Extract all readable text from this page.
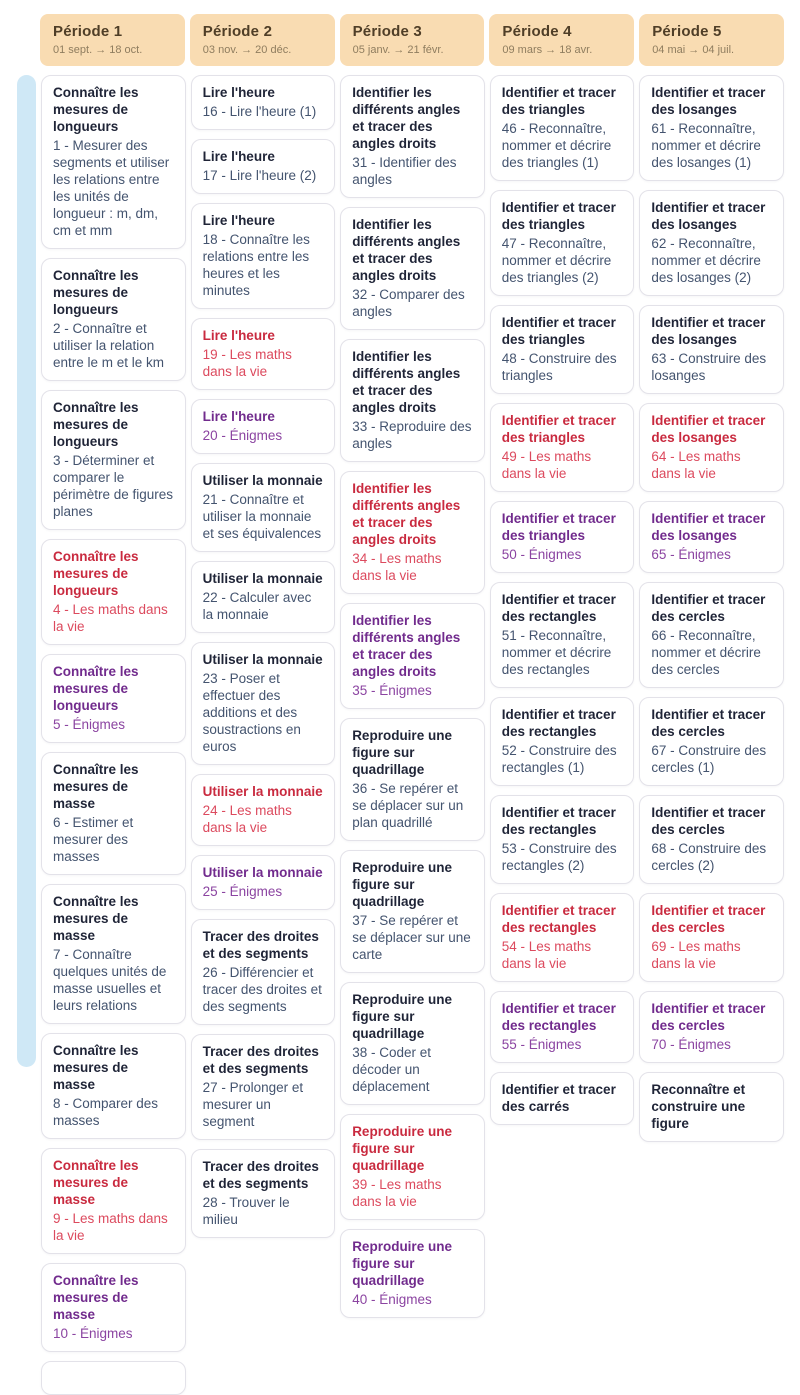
Période 1
01 sept. → 18 oct.
Période 2
03 nov. → 20 déc.
Période 3
05 janv. → 21 févr.
Période 4
09 mars → 18 avr.
Période 5
04 mai → 04 juil.
Connaître les mesures de longueurs

1 - Mesurer des segments et utiliser les relations entre les unités de longueur : m, dm, cm et mm

Connaître les mesures de longueurs

2 - Connaître et utiliser la relation entre le m et le km

Connaître les mesures de longueurs

3 - Déterminer et comparer le périmètre de figures planes

Connaître les mesures de longueurs

4 - Les maths dans la vie

Connaître les mesures de longueurs

5 - Énigmes

Connaître les mesures de masse

6 - Estimer et mesurer des masses

Connaître les mesures de masse

7 - Connaître quelques unités de masse usuelles et leurs relations

Connaître les mesures de masse

8 - Comparer des masses

Connaître les mesures de masse

9 - Les maths dans la vie

Connaître les mesures de masse

10 - Énigmes

Lire l'heure

16 - Lire l'heure (1)

Lire l'heure

17 - Lire l'heure (2)

Lire l'heure

18 - Connaître les relations entre les heures et les minutes

Lire l'heure

19 - Les maths dans la vie

Lire l'heure

20 - Énigmes

Utiliser la monnaie

21 - Connaître et utiliser la monnaie et ses équivalences

Utiliser la monnaie

22 - Calculer avec la monnaie

Utiliser la monnaie

23 - Poser et effectuer des additions et des soustractions en euros

Utiliser la monnaie

24 - Les maths dans la vie

Utiliser la monnaie

25 - Énigmes

Tracer des droites et des segments

26 - Différencier et tracer des droites et des segments

Tracer des droites et des segments

27 - Prolonger et mesurer un segment

Tracer des droites et des segments

28 - Trouver le milieu

Identifier les différents angles et tracer des angles droits

31 - Identifier des angles

Identifier les différents angles et tracer des angles droits

32 - Comparer des angles

Identifier les différents angles et tracer des angles droits

33 - Reproduire des angles

Identifier les différents angles et tracer des angles droits

34 - Les maths dans la vie

Identifier les différents angles et tracer des angles droits

35 - Énigmes

Reproduire une figure sur quadrillage

36 - Se repérer et se déplacer sur un plan quadrillé

Reproduire une figure sur quadrillage

37 - Se repérer et se déplacer sur une carte

Reproduire une figure sur quadrillage

38 - Coder et décoder un déplacement

Reproduire une figure sur quadrillage

39 - Les maths dans la vie

Reproduire une figure sur quadrillage

40 - Énigmes

Identifier et tracer des triangles

46 - Reconnaître, nommer et décrire des triangles (1)

Identifier et tracer des triangles

47 - Reconnaître, nommer et décrire des triangles (2)

Identifier et tracer des triangles

48 - Construire des triangles

Identifier et tracer des triangles

49 - Les maths dans la vie

Identifier et tracer des triangles

50 - Énigmes

Identifier et tracer des rectangles

51 - Reconnaître, nommer et décrire des rectangles

Identifier et tracer des rectangles

52 - Construire des rectangles (1)

Identifier et tracer des rectangles

53 - Construire des rectangles (2)

Identifier et tracer des rectangles

54 - Les maths dans la vie

Identifier et tracer des rectangles

55 - Énigmes

Identifier et tracer des carrés
Identifier et tracer des losanges

61 - Reconnaître, nommer et décrire des losanges (1)

Identifier et tracer des losanges

62 - Reconnaître, nommer et décrire des losanges (2)

Identifier et tracer des losanges

63 - Construire des losanges

Identifier et tracer des losanges

64 - Les maths dans la vie

Identifier et tracer des losanges

65 - Énigmes

Identifier et tracer des cercles

66 - Reconnaître, nommer et décrire des cercles

Identifier et tracer des cercles

67 - Construire des cercles (1)

Identifier et tracer des cercles

68 - Construire des cercles (2)

Identifier et tracer des cercles

69 - Les maths dans la vie

Identifier et tracer des cercles

70 - Énigmes

Reconnaître et construire une figure
